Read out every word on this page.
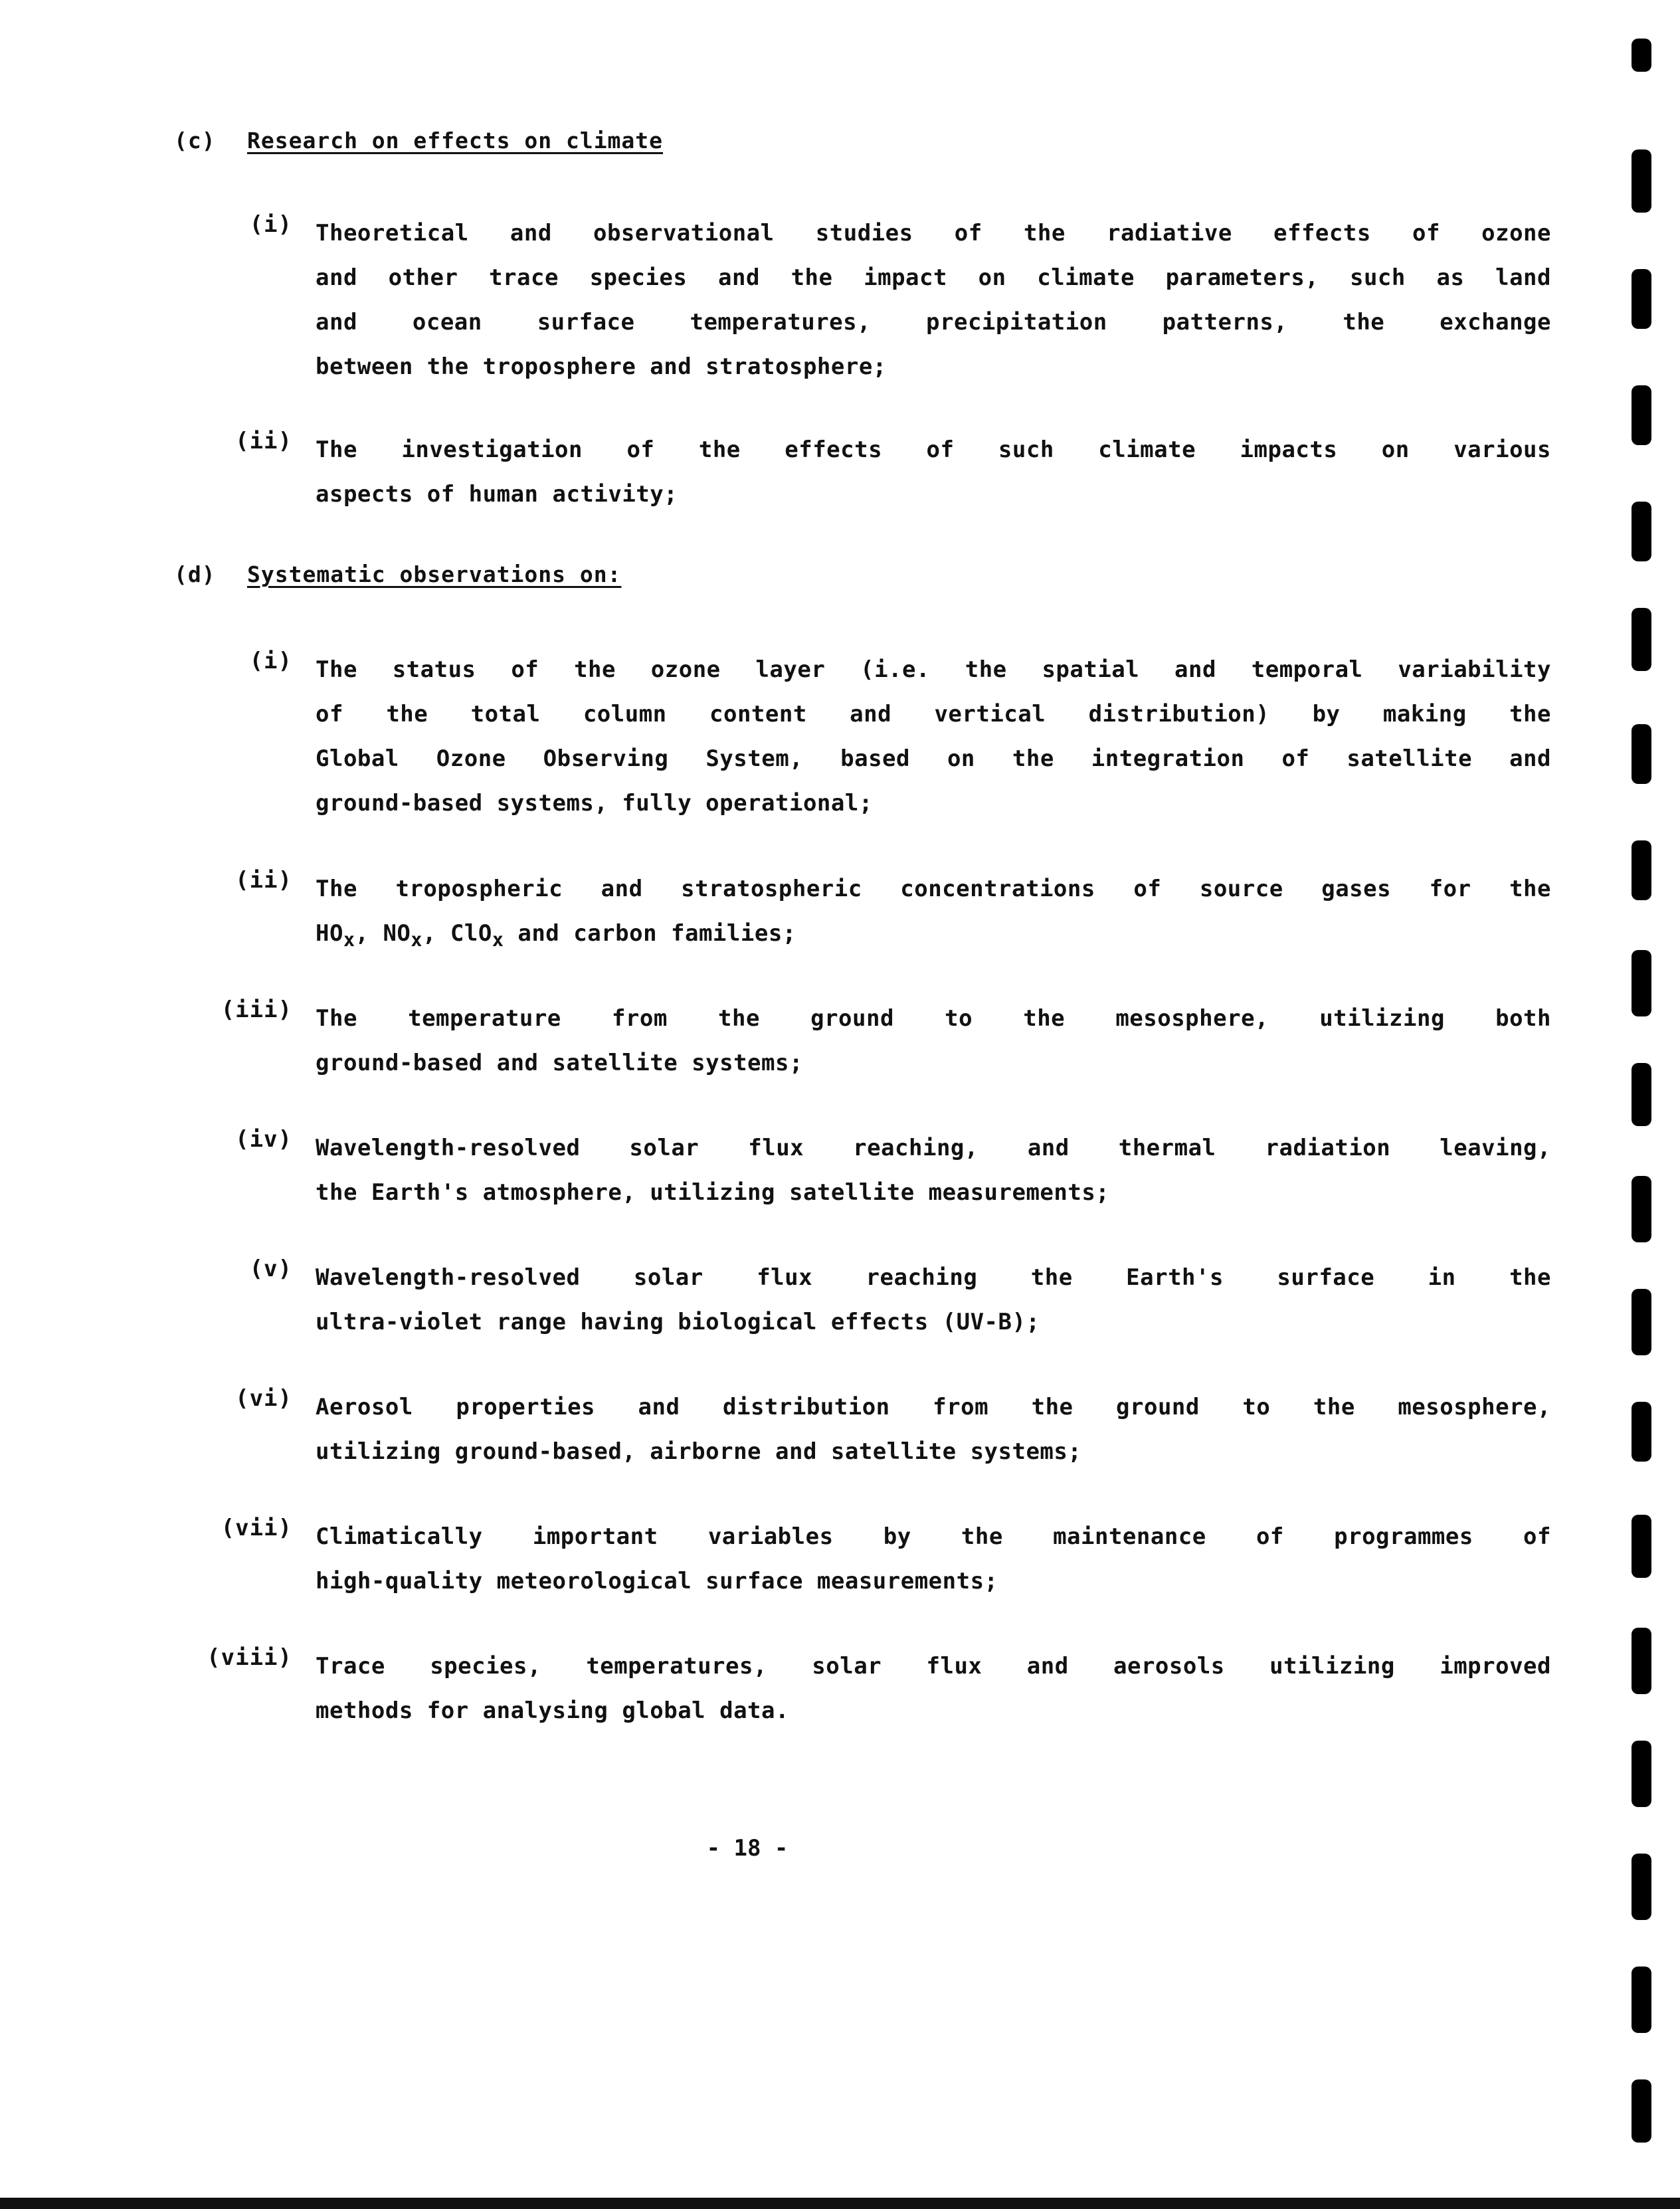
(c) Research on effects on climate
(i) Theoretical and observational studies of the radiative effects of ozone
and other trace species and the impact on climate parameters, such as land
and ocean surface temperatures, precipitation patterns, the exchange
between the troposphere and stratosphere;
(ii) The investigation of the effects of such climate impacts on various
aspects of human activity;
(d) Systematic observations on:
(i) The status of the ozone layer (i.e. the spatial and temporal variability
of the total column content and vertical distribution) by making the
Global Ozone Observing System, based on the integration of satellite and
ground-based systems, fully operational;
(ii) The tropospheric and stratospheric concentrations of source gases for the
$HO_x$, $NO_x$, ClO$_x$ and carbon families;
(iii) The temperature from the ground to the mesosphere, utilizing both
ground-based and satellite systems;
(iv) Wavelength-resolved solar flux reaching, and thermal radiation leaving,
the Earth's atmosphere, utilizing satellite measurements;
(v) Wavelength-resolved solar flux reaching the Earth's surface in the
ultra-violet range having biological effects (UV-B);
(vi) Aerosol properties and distribution from the ground to the mesosphere,
utilizing ground-based, airborne and satellite systems;
(vii) Climatically important variables by the maintenance of programmes of
high-quality meteorological surface measurements;
(viii) Trace species, temperatures, solar flux and aerosols utilizing improved
methods for analysing global data.
- 18 -
